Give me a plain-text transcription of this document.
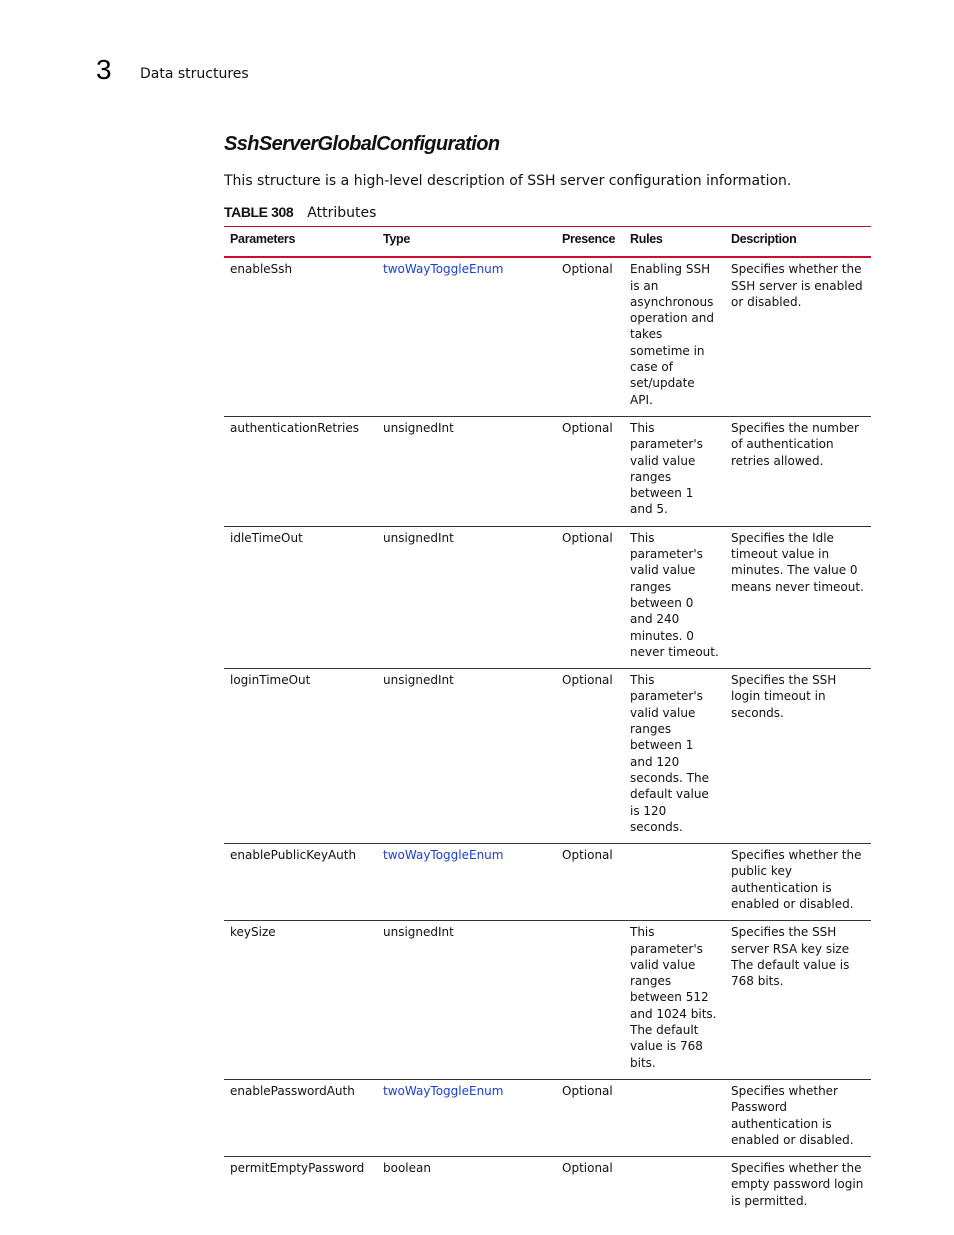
3 Data structures
SshServerGlobalConfiguration
This structure is a high-level description of SSH server configuration information.
TABLE 308 Attributes
Parameters	Type	Presence	Rules	Description
enableSsh	twoWayToggleEnum	Optional	Enabling SSH is an asynchronous operation and takes sometime in case of set/update API.	Specifies whether the SSH server is enabled or disabled.
authenticationRetries	unsignedInt	Optional	This parameter's valid value ranges between 1 and 5.	Specifies the number of authentication retries allowed.
idleTimeOut	unsignedInt	Optional	This parameter's valid value ranges between 0 and 240 minutes. 0 never timeout.	Specifies the Idle timeout value in minutes. The value 0 means never timeout.
loginTimeOut	unsignedInt	Optional	This parameter's valid value ranges between 1 and 120 seconds. The default value is 120 seconds.	Specifies the SSH login timeout in seconds.
enablePublicKeyAuth	twoWayToggleEnum	Optional		Specifies whether the public key authentication is enabled or disabled.
keySize	unsignedInt		This parameter's valid value ranges between 512 and 1024 bits. The default value is 768 bits.	Specifies the SSH server RSA key size The default value is 768 bits.
enablePasswordAuth	twoWayToggleEnum	Optional		Specifies whether Password authentication is enabled or disabled.
permitEmptyPassword	boolean	Optional		Specifies whether the empty password login is permitted.
